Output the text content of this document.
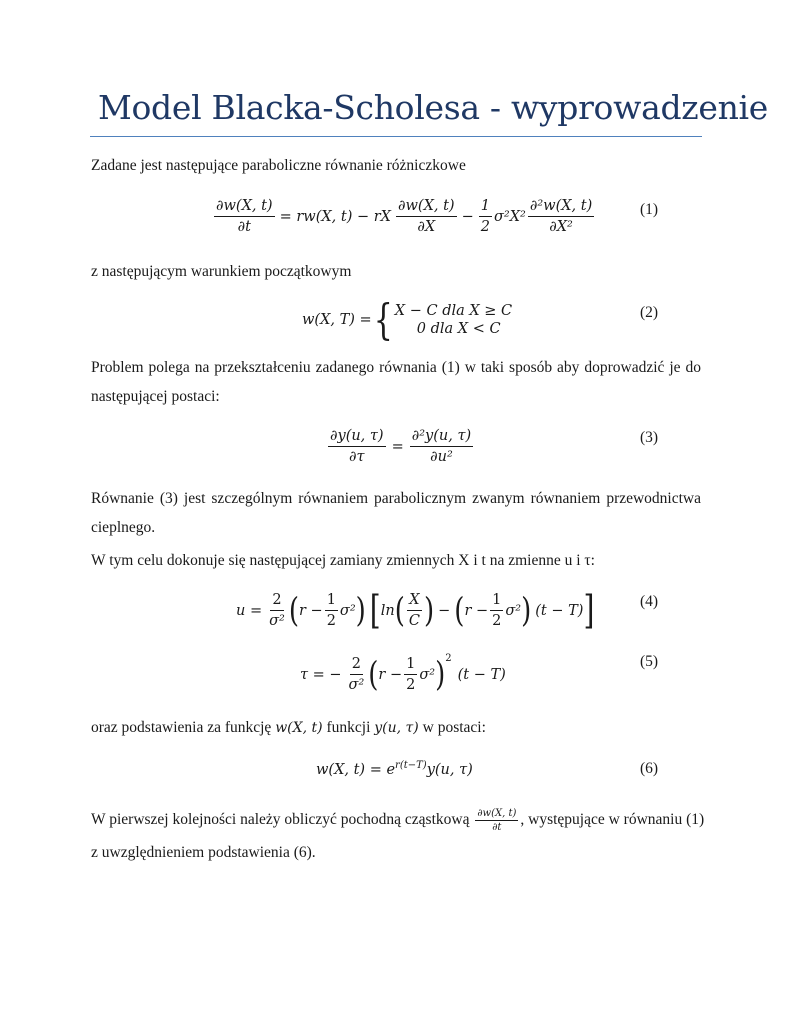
Model Blacka-Scholesa - wyprowadzenie
Zadane jest następujące paraboliczne równanie różniczkowe
$\frac{\partial w(X, t)}{\partial t} = rw(X$, t) − rX $\frac{\partial w(X, t)}{\partial X} - \frac{1}{2} \sigma^2X^2 \frac{\text{∂²w(X, t)}}{\text{∂X²}}$	(1)
z następującym warunkiem początkowym
w(X, T) = { X − C dla X ≥ C
0 dla X < C
(2)
Problem polega na przekształceniu zadanego równania (1) w taki sposób aby doprowadzić je do następującej postaci:
$\frac{\partial y(u, \tau)}{\partial\tau} = \frac{\text{∂²y(u, τ)}}{\text{∂u²}}$	(3)
Równanie (3) jest szczególnym równaniem parabolicznym zwanym równaniem przewodnictwa cieplnego.
W tym celu dokonuje się następującej zamiany zmiennych X i t na zmienne u i τ:
$u = \frac{2}{\text{σ²}}$ ( $r - \frac{1}{2} \sigma^2$ ) [ ln ( $\frac{X}{C}$ ) − ( $r - \frac{1}{2} \sigma^2$ ) (t − T) ]	(4)
τ = − $\frac{2}{\text{σ²}}$ ( $r - \frac{1}{2} \sigma^2$ ) 2
(t − T)
(5)
oraz podstawienia za funkcję w(X, t) funkcji y(u, τ) w postaci:
w(X, $t) = e^{r(t-T)}y(u$, τ)	(6)
W pierwszej kolejności należy obliczyć pochodną cząstkową $\frac{\partial w(X, t)}{\partial t}$ , występujące w równaniu (1)
z uwzględnieniem podstawienia (6).
